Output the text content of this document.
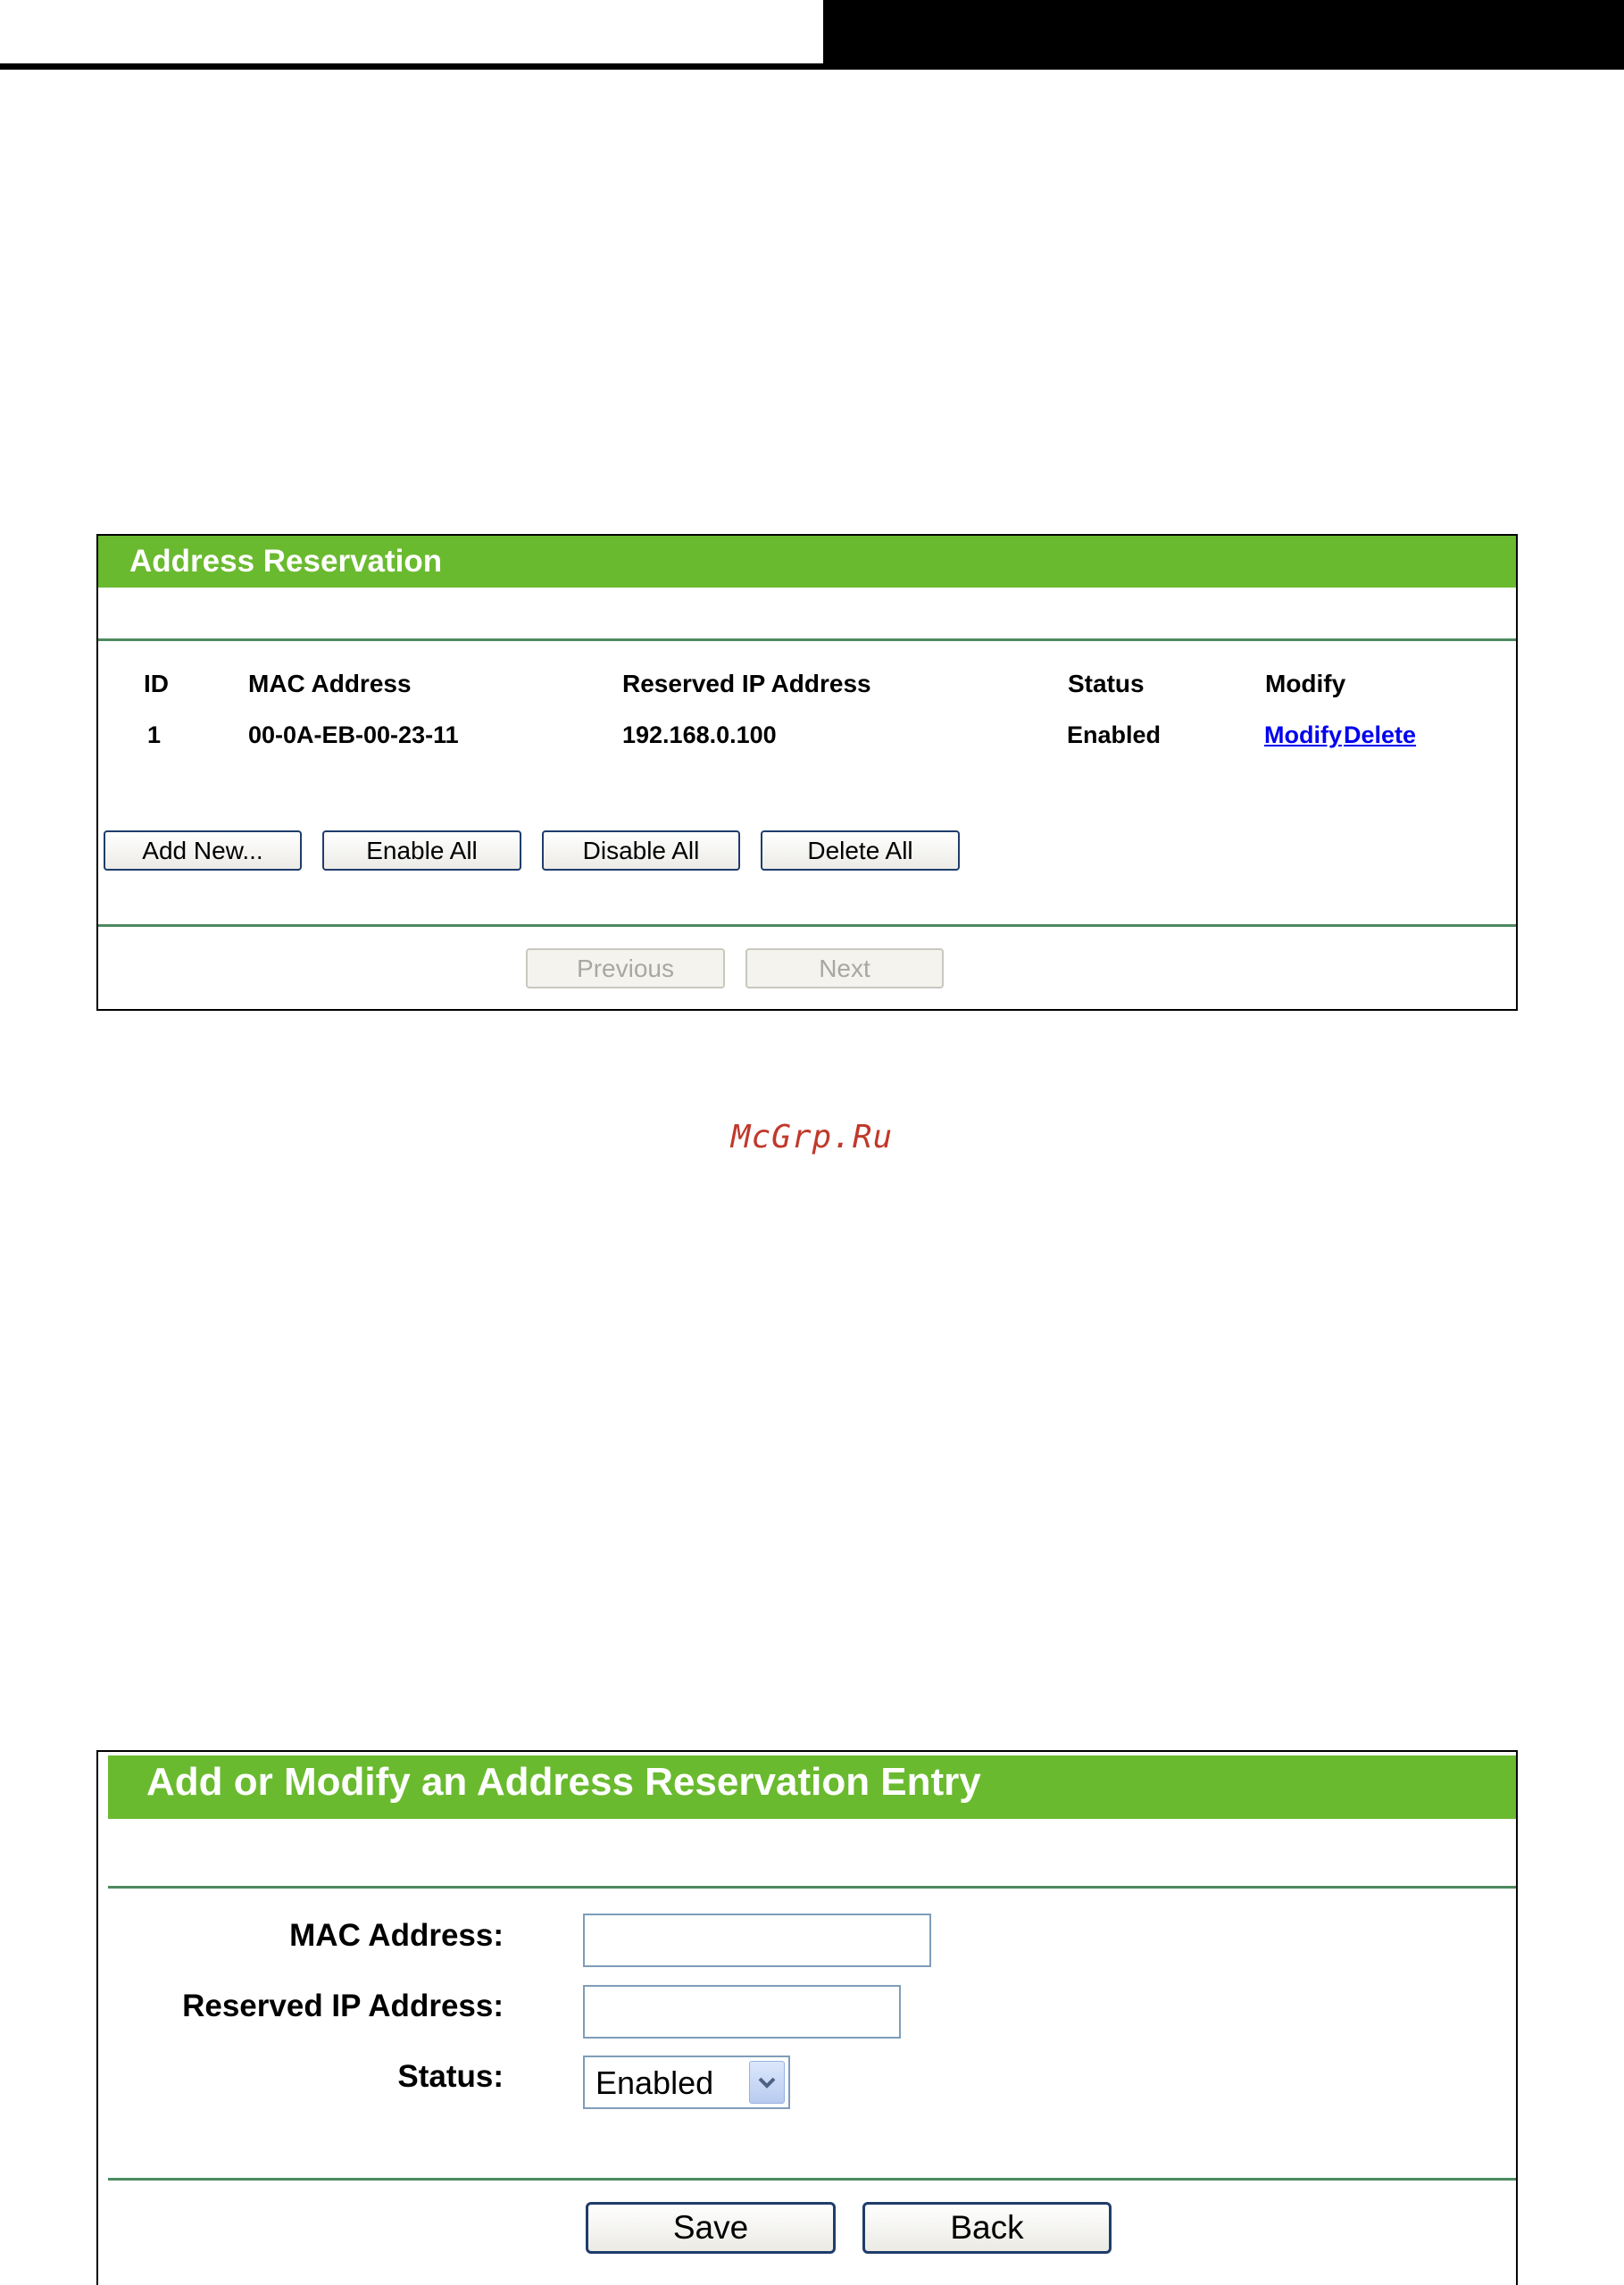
Address Reservation
ID	MAC Address	Reserved IP Address	Status	Modify
1	00-0A-EB-00-23-11	192.168.0.100	Enabled	Modify Delete
Add New...	Enable All	Disable All	Delete All
Previous	Next
McGrp.Ru
Add or Modify an Address Reservation Entry
MAC Address:
Reserved IP Address:
Status:	Enabled
Save	Back
